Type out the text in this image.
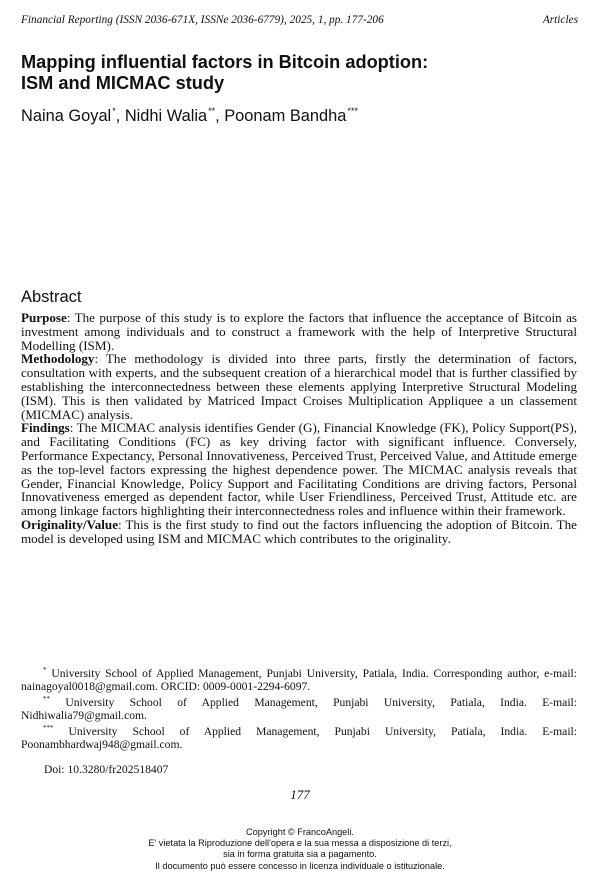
Financial Reporting (ISSN 2036-671X, ISSNe 2036-6779), 2025, 1, pp. 177-206	Articles
Mapping influential factors in Bitcoin adoption:
ISM and MICMAC study
Naina Goyal*, Nidhi Walia**, Poonam Bandha***
Abstract

Purpose: The purpose of this study is to explore the factors that influence the acceptance of Bitcoin as investment among individuals and to construct a framework with the help of Interpretive Structural Modelling (ISM).

Methodology: The methodology is divided into three parts, firstly the determination of factors, consultation with experts, and the subsequent creation of a hierarchical model that is further classified by establishing the interconnectedness between these elements applying Interpretive Structural Modeling (ISM). This is then validated by Matriced Impact Croises Multiplication Appliquee a un classement (MICMAC) analysis.

Findings: The MICMAC analysis identifies Gender (G), Financial Knowledge (FK), Policy Support(PS), and Facilitating Conditions (FC) as key driving factor with significant influence. Conversely, Performance Expectancy, Personal Innovativeness, Perceived Trust, Perceived Value, and Attitude emerge as the top-level factors expressing the highest dependence power. The MICMAC analysis reveals that Gender, Financial Knowledge, Policy Support and Facilitating Conditions are driving factors, Personal Innovativeness emerged as dependent factor, while User Friendliness, Perceived Trust, Attitude etc. are among linkage factors highlighting their interconnectedness roles and influence within their framework.

Originality/Value: This is the first study to find out the factors influencing the adoption of Bitcoin. The model is developed using ISM and MICMAC which contributes to the originality.

* University School of Applied Management, Punjabi University, Patiala, India. Corresponding author, e-mail: nainagoyal0018@gmail.com. ORCID: 0009-0001-2294-6097.

** University School of Applied Management, Punjabi University, Patiala, India. E-mail: Nidhiwalia79@gmail.com.

*** University School of Applied Management, Punjabi University, Patiala, India. E-mail: Poonambhardwaj948@gmail.com.

Doi: 10.3280/fr202518407
177
Copyright © FrancoAngeli.
E' vietata la Riproduzione dell'opera e la sua messa a disposizione di terzi,
sia in forma gratuita sia a pagamento.
Il documento può essere concesso in licenza individuale o istituzionale.
